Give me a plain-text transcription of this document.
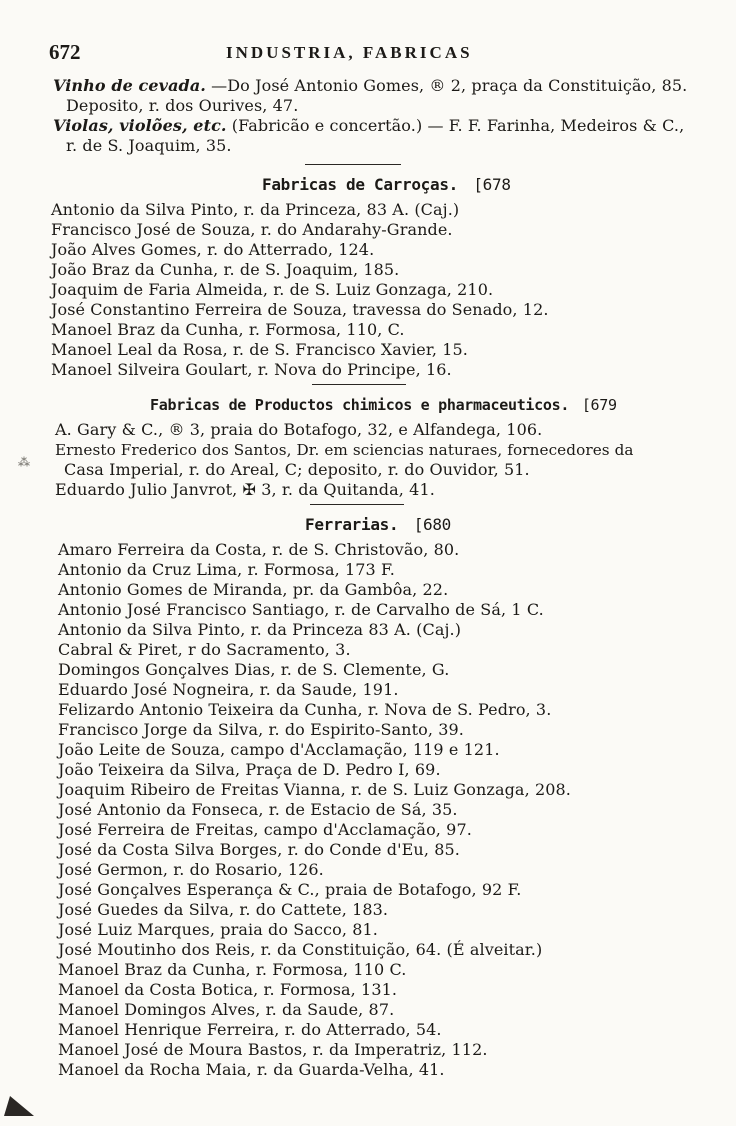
672	INDUSTRIA, FABRICAS
Vinho de cevada. —Do José Antonio Gomes, ® 2, praça da Constituição, 85.
Deposito, r. dos Ourives, 47.
Violas, violões, etc. (Fabricão e concertão.) — F. F. Farinha, Medeiros & C.,
r. de S. Joaquim, 35.
Fabricas de Carroças. [678
Antonio da Silva Pinto, r. da Princeza, 83 A. (Caj.)
Francisco José de Souza, r. do Andarahy-Grande.
João Alves Gomes, r. do Atterrado, 124.
João Braz da Cunha, r. de S. Joaquim, 185.
Joaquim de Faria Almeida, r. de S. Luiz Gonzaga, 210.
José Constantino Ferreira de Souza, travessa do Senado, 12.
Manoel Braz da Cunha, r. Formosa, 110, C.
Manoel Leal da Rosa, r. de S. Francisco Xavier, 15.
Manoel Silveira Goulart, r. Nova do Principe, 16.
Fabricas de Productos chimicos e pharmaceuticos. [679
A. Gary & C., ® 3, praia do Botafogo, 32, e Alfandega, 106.
Ernesto Frederico dos Santos, Dr. em sciencias naturaes, fornecedores da
Casa Imperial, r. do Areal, C; deposito, r. do Ouvidor, 51.
Eduardo Julio Janvrot, ✠ 3, r. da Quitanda, 41.
Ferrarias. [680
Amaro Ferreira da Costa, r. de S. Christovão, 80.
Antonio da Cruz Lima, r. Formosa, 173 F.
Antonio Gomes de Miranda, pr. da Gambôa, 22.
Antonio José Francisco Santiago, r. de Carvalho de Sá, 1 C.
Antonio da Silva Pinto, r. da Princeza 83 A. (Caj.)
Cabral & Piret, r do Sacramento, 3.
Domingos Gonçalves Dias, r. de S. Clemente, G.
Eduardo José Nogneira, r. da Saude, 191.
Felizardo Antonio Teixeira da Cunha, r. Nova de S. Pedro, 3.
Francisco Jorge da Silva, r. do Espirito-Santo, 39.
João Leite de Souza, campo d'Acclamação, 119 e 121.
João Teixeira da Silva, Praça de D. Pedro I, 69.
Joaquim Ribeiro de Freitas Vianna, r. de S. Luiz Gonzaga, 208.
José Antonio da Fonseca, r. de Estacio de Sá, 35.
José Ferreira de Freitas, campo d'Acclamação, 97.
José da Costa Silva Borges, r. do Conde d'Eu, 85.
José Germon, r. do Rosario, 126.
José Gonçalves Esperança & C., praia de Botafogo, 92 F.
José Guedes da Silva, r. do Cattete, 183.
José Luiz Marques, praia do Sacco, 81.
José Moutinho dos Reis, r. da Constituição, 64. (É alveitar.)
Manoel Braz da Cunha, r. Formosa, 110 C.
Manoel da Costa Botica, r. Formosa, 131.
Manoel Domingos Alves, r. da Saude, 87.
Manoel Henrique Ferreira, r. do Atterrado, 54.
Manoel José de Moura Bastos, r. da Imperatriz, 112.
Manoel da Rocha Maia, r. da Guarda-Velha, 41.
⁂
